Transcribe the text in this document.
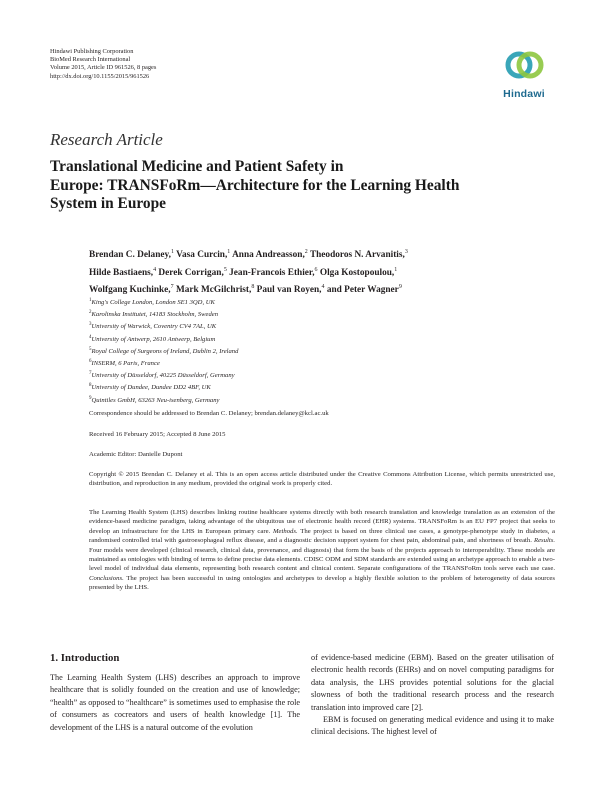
Hindawi Publishing Corporation
BioMed Research International
Volume 2015, Article ID 961526, 8 pages
http://dx.doi.org/10.1155/2015/961526
Hindawi
Research Article
Translational Medicine and Patient Safety in
Europe: TRANSFoRm—Architecture for the Learning Health
System in Europe
Brendan C. Delaney,$^1$ Vasa Curcin,$^1$ Anna Andreasson,$^2$ Theodoros N. Arvanitis,$^3$
Hilde Bastiaens,$^4$ Derek Corrigan,$^5$ Jean-Francois Ethier,$^6$ Olga Kostopoulou,$^1$
Wolfgang Kuchinke,$^7$ Mark McGilchrist,$^8$ Paul van Royen,$^4$ and Peter Wagner$^9$
$^1$King's College London, London SE1 3QD, UK
$^2$Karolinska Institutet, 14183 Stockholm, Sweden
$^3$University of Warwick, Coventry CV4 7AL, UK
$^4$University of Antwerp, 2610 Antwerp, Belgium
$^5$Royal College of Surgeons of Ireland, Dublin 2, Ireland
$^6$INSERM, 6 Paris, France
$^7$University of Düsseldorf, 40225 Düsseldorf, Germany
$^8$University of Dundee, Dundee DD2 4BF, UK
$^9$Quintiles GmbH, 63263 Neu-isenberg, Germany
Correspondence should be addressed to Brendan C. Delaney; brendan.delaney@kcl.ac.uk
Received 16 February 2015; Accepted 8 June 2015
Academic Editor: Danielle Dupont
Copyright © 2015 Brendan C. Delaney et al. This is an open access article distributed under the Creative Commons Attribution License, which permits unrestricted use, distribution, and reproduction in any medium, provided the original work is properly cited.
The Learning Health System (LHS) describes linking routine healthcare systems directly with both research translation and knowledge translation as an extension of the evidence-based medicine paradigm, taking advantage of the ubiquitous use of electronic health record (EHR) systems. TRANSFoRm is an EU FP7 project that seeks to develop an infrastructure for the LHS in European primary care. Methods. The project is based on three clinical use cases, a genotype-phenotype study in diabetes, a randomised controlled trial with gastroesophageal reflux disease, and a diagnostic decision support system for chest pain, abdominal pain, and shortness of breath. Results. Four models were developed (clinical research, clinical data, provenance, and diagnosis) that form the basis of the projects approach to interoperability. These models are maintained as ontologies with binding of terms to define precise data elements. CDISC ODM and SDM standards are extended using an archetype approach to enable a two-level model of individual data elements, representing both research content and clinical content. Separate configurations of the TRANSFoRm tools serve each use case. Conclusions. The project has been successful in using ontologies and archetypes to develop a highly flexible solution to the problem of heterogeneity of data sources presented by the LHS.
1. Introduction

The Learning Health System (LHS) describes an approach to improve healthcare that is solidly founded on the creation and use of knowledge; “health” as opposed to “healthcare” is sometimes used to emphasise the role of consumers as cocreators and users of health knowledge [1]. The development of the LHS is a natural outcome of the evolution

of evidence-based medicine (EBM). Based on the greater utilisation of electronic health records (EHRs) and on novel computing paradigms for data analysis, the LHS provides potential solutions for the glacial slowness of both the traditional research process and the research translation into improved care [2].

EBM is focused on generating medical evidence and using it to make clinical decisions. The highest level of
